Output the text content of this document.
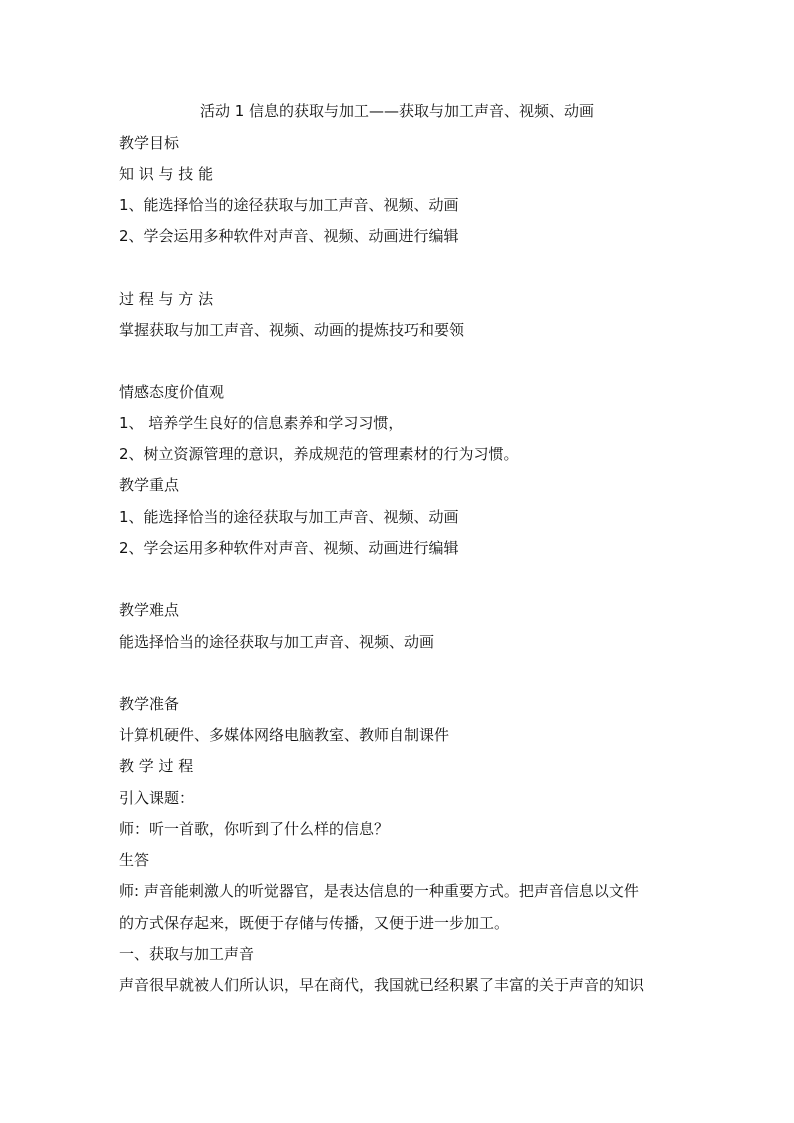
活动 1 信息的获取与加工——获取与加工声音、视频、动画
教学目标
知 识 与 技 能
1、能选择恰当的途径获取与加工声音、视频、动画
2、学会运用多种软件对声音、视频、动画进行编辑
过 程 与 方 法
掌握获取与加工声音、视频、动画的提炼技巧和要领
情感态度价值观
1、 培养学生良好的信息素养和学习习惯，
2、树立资源管理的意识，养成规范的管理素材的行为习惯。
教学重点
1、能选择恰当的途径获取与加工声音、视频、动画
2、学会运用多种软件对声音、视频、动画进行编辑
教学难点
能选择恰当的途径获取与加工声音、视频、动画
教学准备
计算机硬件、多媒体网络电脑教室、教师自制课件
教 学 过 程
引入课题：
师：听一首歌，你听到了什么样的信息？
生答
师: 声音能刺激人的听觉器官，是表达信息的一种重要方式。把声音信息以文件
的方式保存起来，既便于存储与传播，又便于进一步加工。
一、获取与加工声音
声音很早就被人们所认识，早在商代，我国就已经积累了丰富的关于声音的知识
